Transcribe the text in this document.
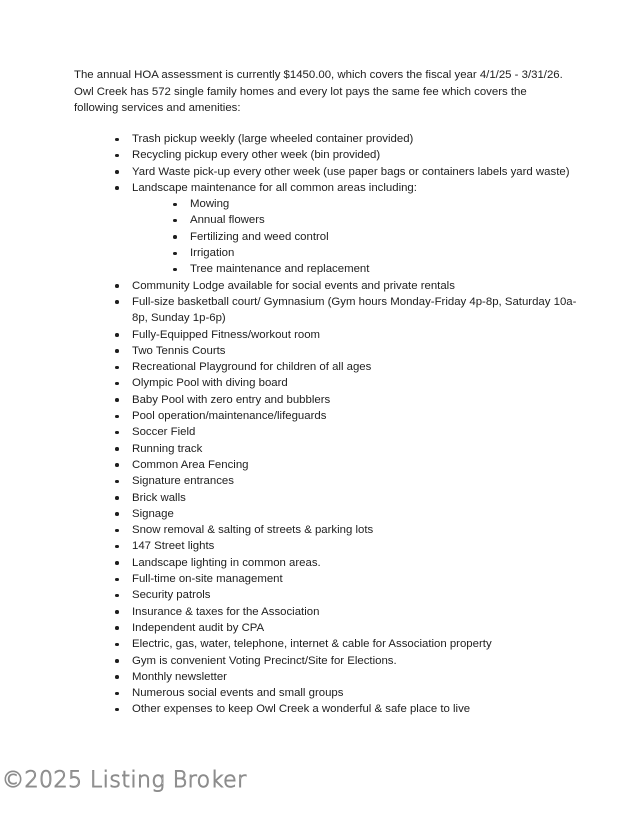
The annual HOA assessment is currently $1450.00, which covers the fiscal year 4/1/25 - 3/31/26. Owl Creek has 572 single family homes and every lot pays the same fee which covers the following services and amenities:

Trash pickup weekly (large wheeled container provided)
Recycling pickup every other week (bin provided)
Yard Waste pick-up every other week (use paper bags or containers labels yard waste)
Landscape maintenance for all common areas including:
Mowing
Annual flowers
Fertilizing and weed control
Irrigation
Tree maintenance and replacement
Community Lodge available for social events and private rentals
Full-size basketball court/ Gymnasium (Gym hours Monday-Friday 4p-8p, Saturday 10a-8p, Sunday 1p-6p)
Fully-Equipped Fitness/workout room
Two Tennis Courts
Recreational Playground for children of all ages
Olympic Pool with diving board
Baby Pool with zero entry and bubblers
Pool operation/maintenance/lifeguards
Soccer Field
Running track
Common Area Fencing
Signature entrances
Brick walls
Signage
Snow removal & salting of streets & parking lots
147 Street lights
Landscape lighting in common areas.
Full-time on-site management
Security patrols
Insurance & taxes for the Association
Independent audit by CPA
Electric, gas, water, telephone, internet & cable for Association property
Gym is convenient Voting Precinct/Site for Elections.
Monthly newsletter
Numerous social events and small groups
Other expenses to keep Owl Creek a wonderful & safe place to live
©2025 Listing Broker
